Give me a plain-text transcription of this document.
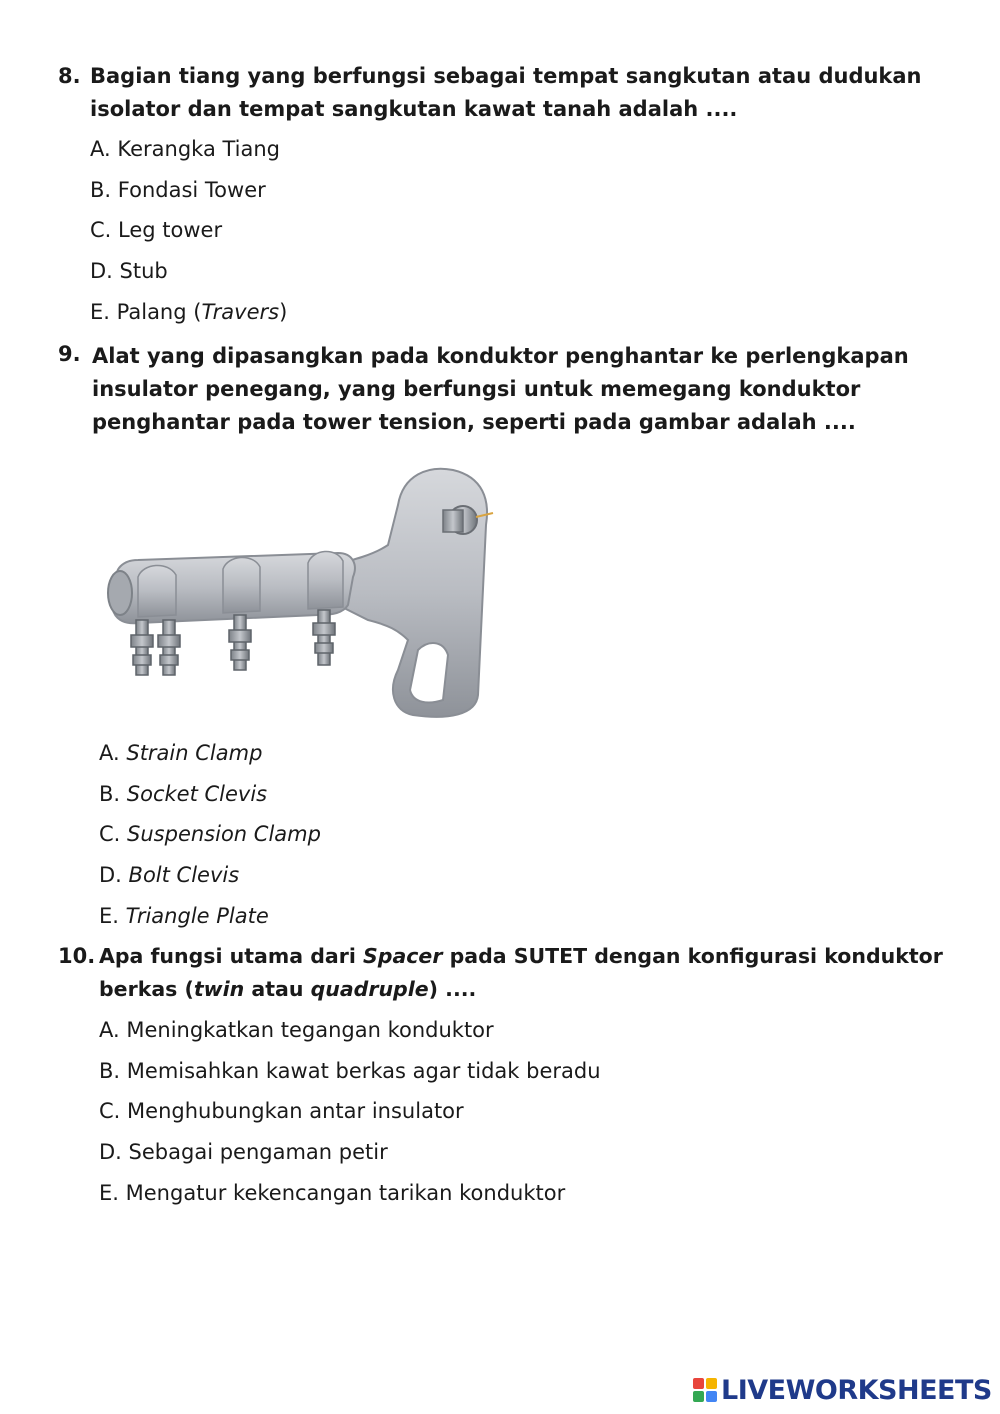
8. Bagian tiang yang berfungsi sebagai tempat sangkutan atau dudukan isolator dan tempat sangkutan kawat tanah adalah ....

A. Kerangka Tiang
B. Fondasi Tower
C. Leg tower
D. Stub
E. Palang (Travers)
9. Alat yang dipasangkan pada konduktor penghantar ke perlengkapan insulator penegang, yang berfungsi untuk memegang konduktor penghantar pada tower tension, seperti pada gambar adalah ....

A. Strain Clamp
B. Socket Clevis
C. Suspension Clamp
D. Bolt Clevis
E. Triangle Plate
10. Apa fungsi utama dari Spacer pada SUTET dengan konfigurasi konduktor berkas (twin atau quadruple) ....

A. Meningkatkan tegangan konduktor
B. Memisahkan kawat berkas agar tidak beradu
C. Menghubungkan antar insulator
D. Sebagai pengaman petir
E. Mengatur kekencangan tarikan konduktor
LIVEWORKSHEETS
